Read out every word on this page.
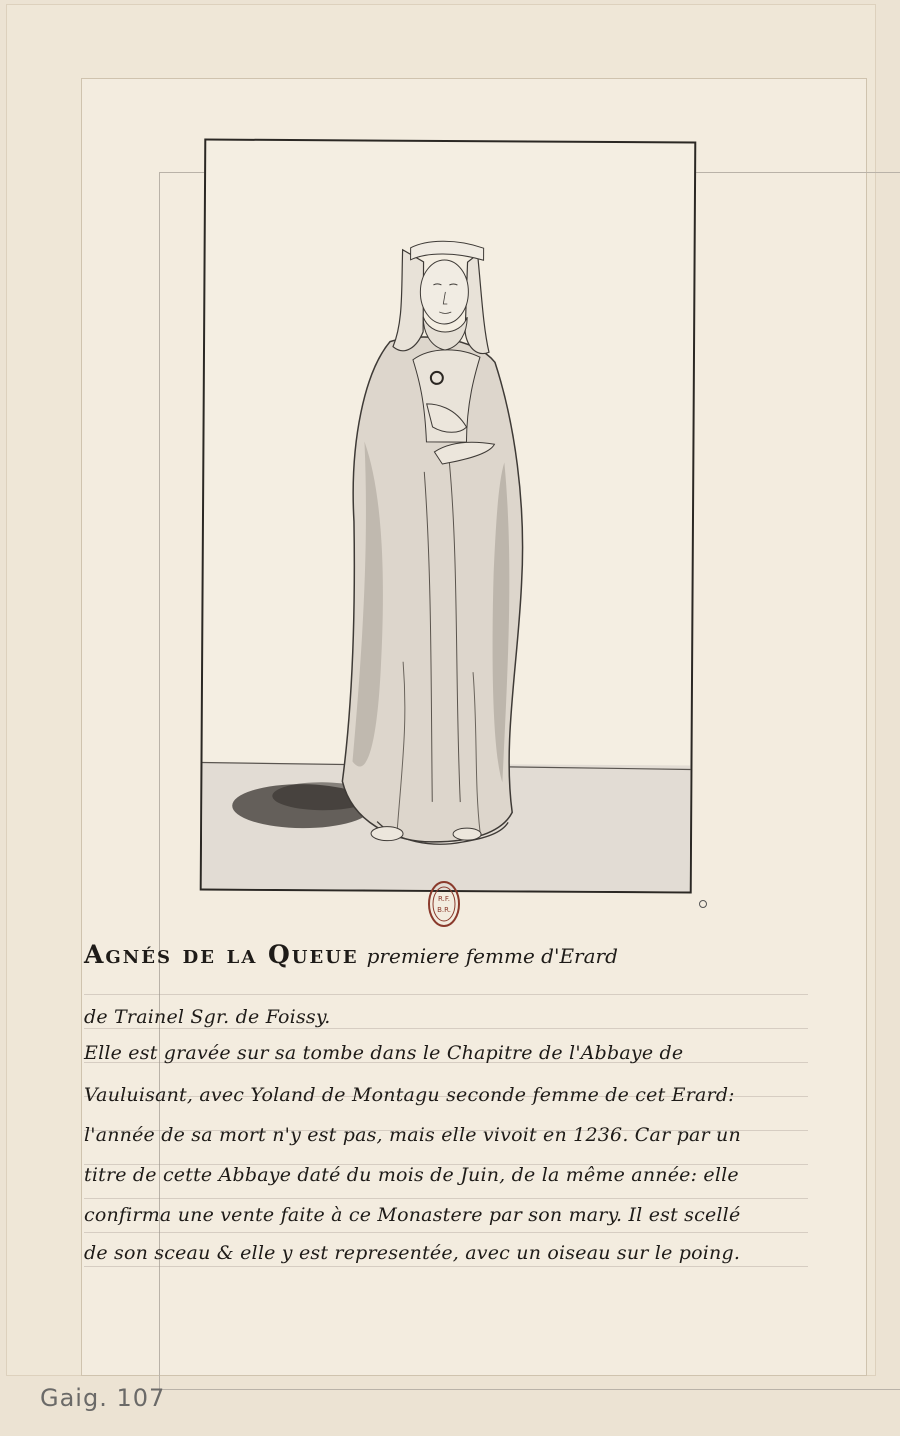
R.F.
B.R.
Agnés de la Queue premiere femme d'Erard
de Trainel Sgr. de Foissy.
Elle est gravée sur sa tombe dans le Chapitre de l'Abbaye de
Vauluisant, avec Yoland de Montagu seconde femme de cet Erard:
l'année de sa mort n'y est pas, mais elle vivoit en 1236. Car par un
titre de cette Abbaye daté du mois de Juin, de la même année: elle
confirma une vente faite à ce Monastere par son mary. Il est scellé
de son sceau & elle y est representée, avec un oiseau sur le poing.
Gaig. 107
